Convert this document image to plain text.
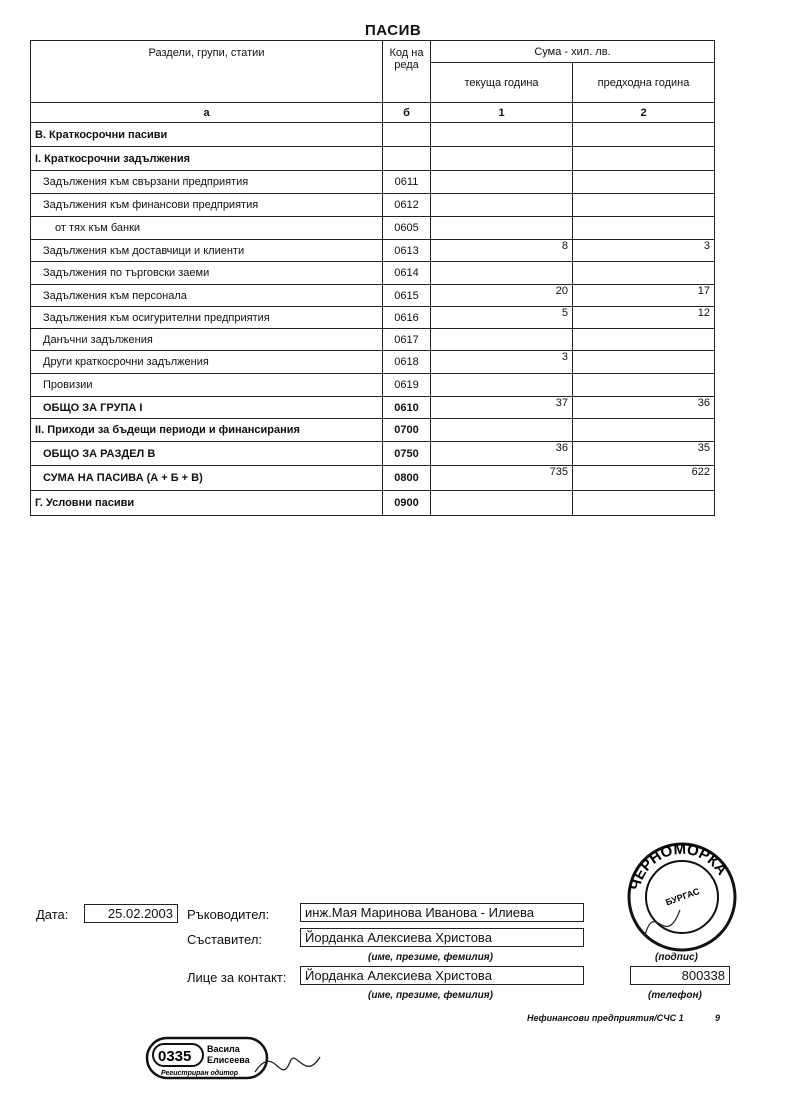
ПАСИВ
Раздели, групи, статии	Код на реда	Сума - хил. лв.	
		текуща година	предходна година
а	б	1	2
В. Краткосрочни пасиви			
I. Краткосрочни задължения			
Задължения към свързани предприятия	0611		
Задължения към финансови предприятия	0612		
от тях към банки	0605		
Задължения към доставчици и клиенти	0613	8	3
Задължения по търговски заеми	0614		
Задължения към персонала	0615	20	17
Задължения към осигурителни предприятия	0616	5	12
Данъчни задължения	0617		
Други краткосрочни задължения	0618	3	
Провизии	0619		
ОБЩО ЗА ГРУПА I	0610	37	36
II. Приходи за бъдещи периоди и финансирания	0700		
ОБЩО ЗА РАЗДЕЛ В	0750	36	35
СУМА НА ПАСИВА (А + Б + В)	0800	735	622
Г. Условни пасиви	0900		
Дата:	25.02.2003	Ръководител:	инж.Мая Маринова Иванова - Илиева
Съставител:	Йорданка Алексиева Христова
(име, презиме, фемилия)
Лице за контакт:	Йорданка Алексиева Христова
(име, презиме, фемилия)
(подпис)
800338
(телефон)
Нефинансови предприятия/СЧС 1	9
ЧЕРНОМОРКА
БУРГАС
0335 Васила
Елисеева
Регистриран одитор
